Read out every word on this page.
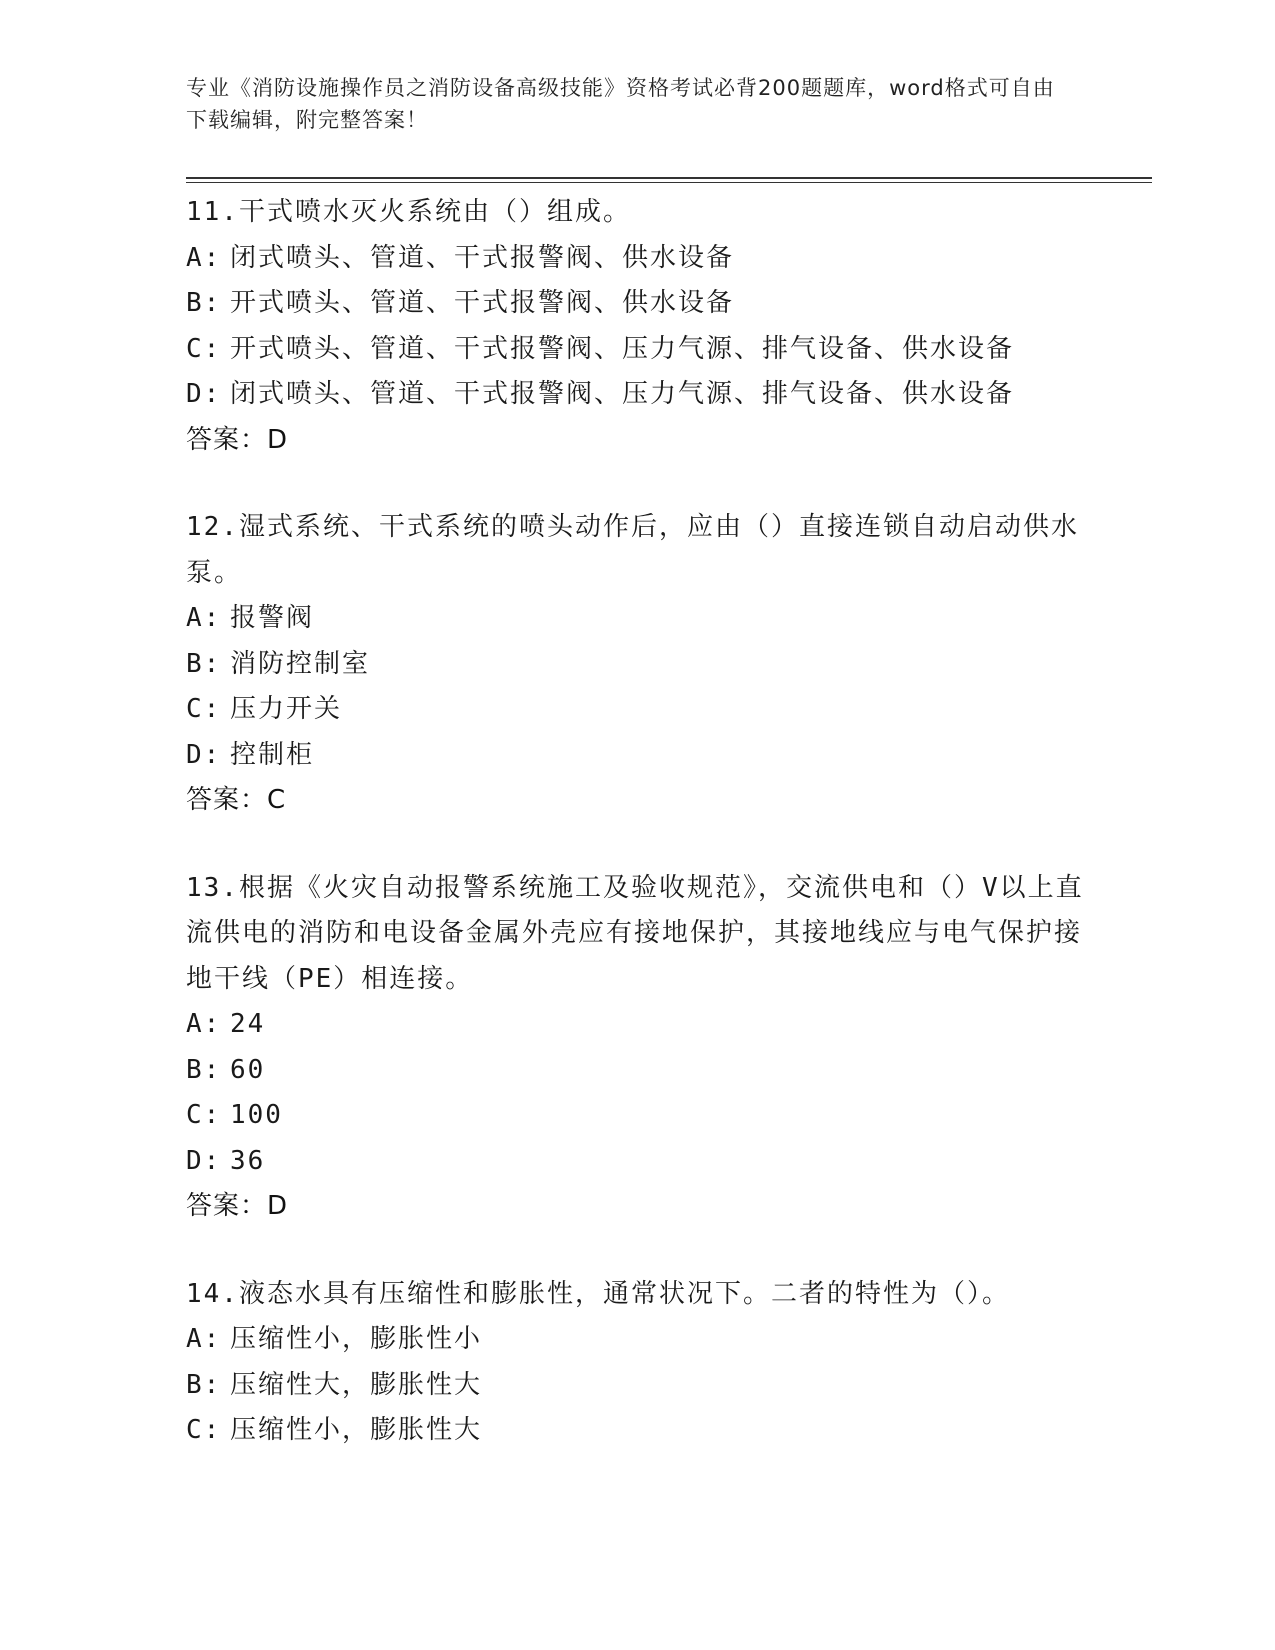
专业《消防设施操作员之消防设备高级技能》资格考试必背200题题库，word格式可自由下载编辑，附完整答案！

11.干式喷水灭火系统由（）组成。

A: 闭式喷头、管道、干式报警阀、供水设备

B: 开式喷头、管道、干式报警阀、供水设备

C: 开式喷头、管道、干式报警阀、压力气源、排气设备、供水设备

D: 闭式喷头、管道、干式报警阀、压力气源、排气设备、供水设备

答案：D

12.湿式系统、干式系统的喷头动作后，应由（）直接连锁自动启动供水泵。

A: 报警阀

B: 消防控制室

C: 压力开关

D: 控制柜

答案：C

13.根据《火灾自动报警系统施工及验收规范》，交流供电和（）V以上直流供电的消防和电设备金属外壳应有接地保护，其接地线应与电气保护接地干线（PE）相连接。

A: 24

B: 60

C: 100

D: 36

答案：D

14.液态水具有压缩性和膨胀性，通常状况下。二者的特性为（）。

A: 压缩性小，膨胀性小

B: 压缩性大，膨胀性大

C: 压缩性小，膨胀性大
